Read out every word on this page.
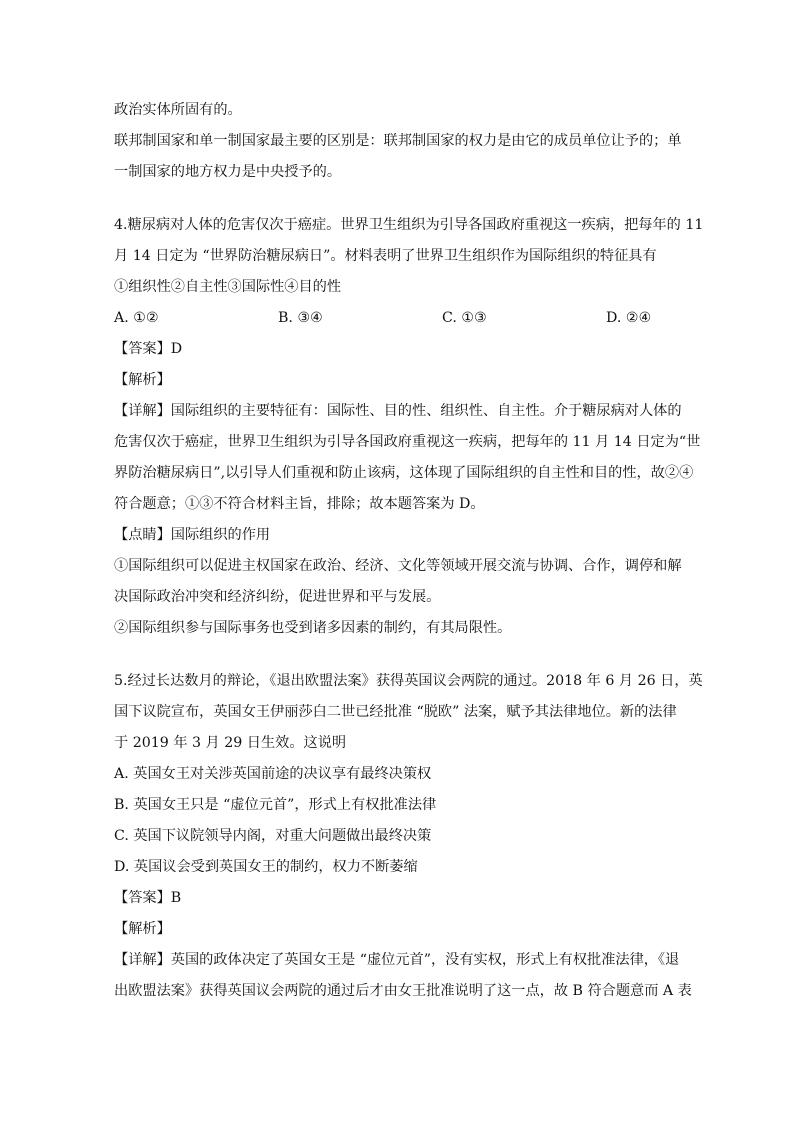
政治实体所固有的。
联邦制国家和单一制国家最主要的区别是：联邦制国家的权力是由它的成员单位让予的；单
一制国家的地方权力是中央授予的。
4.糖尿病对人体的危害仅次于癌症。世界卫生组织为引导各国政府重视这一疾病，把每年的 11
月 14 日定为 “世界防治糖尿病日”。材料表明了世界卫生组织作为国际组织的特征具有
①组织性②自主性③国际性④目的性
A. ①②	B. ③④	C. ①③	D. ②④
【答案】D
【解析】
【详解】国际组织的主要特征有：国际性、目的性、组织性、自主性。介于糖尿病对人体的
危害仅次于癌症，世界卫生组织为引导各国政府重视这一疾病，把每年的 11 月 14 日定为“世
界防治糖尿病日”,以引导人们重视和防止该病，这体现了国际组织的自主性和目的性，故②④
符合题意；①③不符合材料主旨，排除；故本题答案为 D。
【点睛】国际组织的作用
①国际组织可以促进主权国家在政治、经济、文化等领域开展交流与协调、合作，调停和解
决国际政治冲突和经济纠纷，促进世界和平与发展。
②国际组织参与国际事务也受到诸多因素的制约，有其局限性。
5.经过长达数月的辩论，《退出欧盟法案》获得英国议会两院的通过。2018 年 6 月 26 日，英
国下议院宣布，英国女王伊丽莎白二世已经批准 “脱欧” 法案，赋予其法律地位。新的法律
于 2019 年 3 月 29 日生效。这说明
A. 英国女王对关涉英国前途的决议享有最终决策权
B. 英国女王只是 “虚位元首”，形式上有权批准法律
C. 英国下议院领导内阁，对重大问题做出最终决策
D. 英国议会受到英国女王的制约，权力不断萎缩
【答案】B
【解析】
【详解】英国的政体决定了英国女王是 “虚位元首”，没有实权，形式上有权批准法律，《退
出欧盟法案》获得英国议会两院的通过后才由女王批准说明了这一点，故 B 符合题意而 A 表
